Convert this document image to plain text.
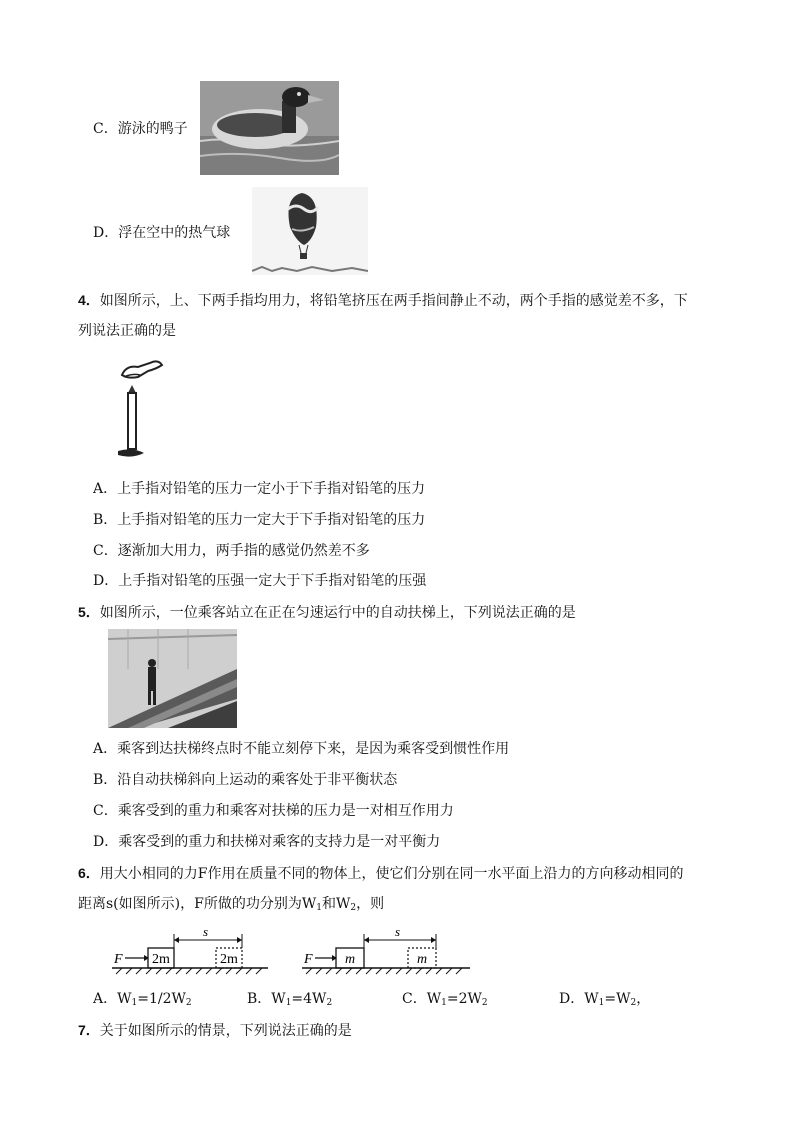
C．游泳的鸭子
D．浮在空中的热气球
4．如图所示，上、下两手指均用力，将铅笔挤压在两手指间静止不动，两个手指的感觉差不多，下
列说法正确的是
A．上手指对铅笔的压力一定小于下手指对铅笔的压力
B．上手指对铅笔的压力一定大于下手指对铅笔的压力
C．逐渐加大用力，两手指的感觉仍然差不多
D．上手指对铅笔的压强一定大于下手指对铅笔的压强
5．如图所示，一位乘客站立在正在匀速运行中的自动扶梯上，下列说法正确的是
A．乘客到达扶梯终点时不能立刻停下来，是因为乘客受到惯性作用
B．沿自动扶梯斜向上运动的乘客处于非平衡状态
C．乘客受到的重力和乘客对扶梯的压力是一对相互作用力
D．乘客受到的重力和扶梯对乘客的支持力是一对平衡力
6．用大小相同的力F作用在质量不同的物体上，使它们分别在同一水平面上沿力的方向移动相同的
距离s(如图所示)，F所做的功分别为$W_1$和$W_2$，则
F 2m	2m
s
F m	m
s
A．$W_1=1/2W_2$	B．$W_1=4W_2$	C．$W_1=2W_2$	D．$W_1=W_2$，
7．关于如图所示的情景，下列说法正确的是
